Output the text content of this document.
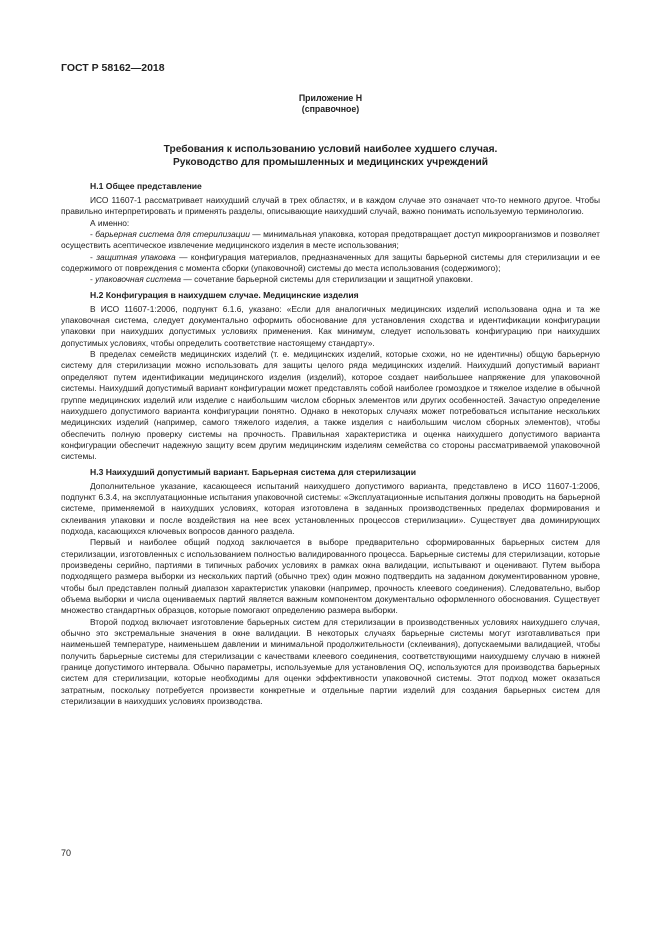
ГОСТ Р 58162—2018
Приложение Н
(справочное)
Требования к использованию условий наиболее худшего случая.
Руководство для промышленных и медицинских учреждений
Н.1 Общее представление

ИСО 11607-1 рассматривает наихудший случай в трех областях, и в каждом случае это означает что-то немного другое. Чтобы правильно интерпретировать и применять разделы, описывающие наихудший случай, важно понимать используемую терминологию.

А именно:

- барьерная система для стерилизации — минимальная упаковка, которая предотвращает доступ микроорганизмов и позволяет осуществить асептическое извлечение медицинского изделия в месте использования;

- защитная упаковка — конфигурация материалов, предназначенных для защиты барьерной системы для стерилизации и ее содержимого от повреждения с момента сборки (упаковочной) системы до места использования (содержимого);

- упаковочная система — сочетание барьерной системы для стерилизации и защитной упаковки.

Н.2 Конфигурация в наихудшем случае. Медицинские изделия

В ИСО 11607-1:2006, подпункт 6.1.6, указано: «Если для аналогичных медицинских изделий использована одна и та же упаковочная система, следует документально оформить обоснование для установления сходства и идентификации конфигурации упаковки при наихудших допустимых условиях применения. Как минимум, следует использовать конфигурацию при наихудших допустимых условиях, чтобы определить соответствие настоящему стандарту».

В пределах семейств медицинских изделий (т. е. медицинских изделий, которые схожи, но не идентичны) общую барьерную систему для стерилизации можно использовать для защиты целого ряда медицинских изделий. Наихудший допустимый вариант определяют путем идентификации медицинского изделия (изделий), которое создает наибольшее напряжение для упаковочной системы. Наихудший допустимый вариант конфигурации может представлять собой наиболее громоздкое и тяжелое изделие в обычной группе медицинских изделий или изделие с наибольшим числом сборных элементов или других особенностей. Зачастую определение наихудшего допустимого варианта конфигурации понятно. Однако в некоторых случаях может потребоваться испытание нескольких медицинских изделий (например, самого тяжелого изделия, а также изделия с наибольшим числом сборных элементов), чтобы обеспечить полную проверку системы на прочность. Правильная характеристика и оценка наихудшего допустимого варианта конфигурации обеспечит надежную защиту всем другим медицинским изделиям семейства со стороны рассматриваемой упаковочной системы.

Н.3 Наихудший допустимый вариант. Барьерная система для стерилизации

Дополнительное указание, касающееся испытаний наихудшего допустимого варианта, представлено в ИСО 11607-1:2006, подпункт 6.3.4, на эксплуатационные испытания упаковочной системы: «Эксплуатационные испытания должны проводить на барьерной системе, применяемой в наихудших условиях, которая изготовлена в заданных производственных пределах формирования и склеивания упаковки и после воздействия на нее всех установленных процессов стерилизации». Существует два доминирующих подхода, касающихся ключевых вопросов данного раздела.

Первый и наиболее общий подход заключается в выборе предварительно сформированных барьерных систем для стерилизации, изготовленных с использованием полностью валидированного процесса. Барьерные системы для стерилизации, которые произведены серийно, партиями в типичных рабочих условиях в рамках окна валидации, испытывают и оценивают. Путем выбора подходящего размера выборки из нескольких партий (обычно трех) один можно подтвердить на заданном документированном уровне, чтобы был представлен полный диапазон характеристик упаковки (например, прочность клеевого соединения). Следовательно, выбор объема выборки и числа оцениваемых партий является важным компонентом документально оформленного обоснования. Существует множество стандартных образцов, которые помогают определению размера выборки.

Второй подход включает изготовление барьерных систем для стерилизации в производственных условиях наихудшего случая, обычно это экстремальные значения в окне валидации. В некоторых случаях барьерные системы могут изготавливаться при наименьшей температуре, наименьшем давлении и минимальной продолжительности (склеивания), допускаемыми валидацией, чтобы получить барьерные системы для стерилизации с качествами клеевого соединения, соответствующими наихудшему случаю в нижней границе допустимого интервала. Обычно параметры, используемые для установления OQ, используются для производства барьерных систем для стерилизации, которые необходимы для оценки эффективности упаковочной системы. Этот подход может оказаться затратным, поскольку потребуется произвести конкретные и отдельные партии изделий для создания барьерных систем для стерилизации в наихудших условиях производства.

70
